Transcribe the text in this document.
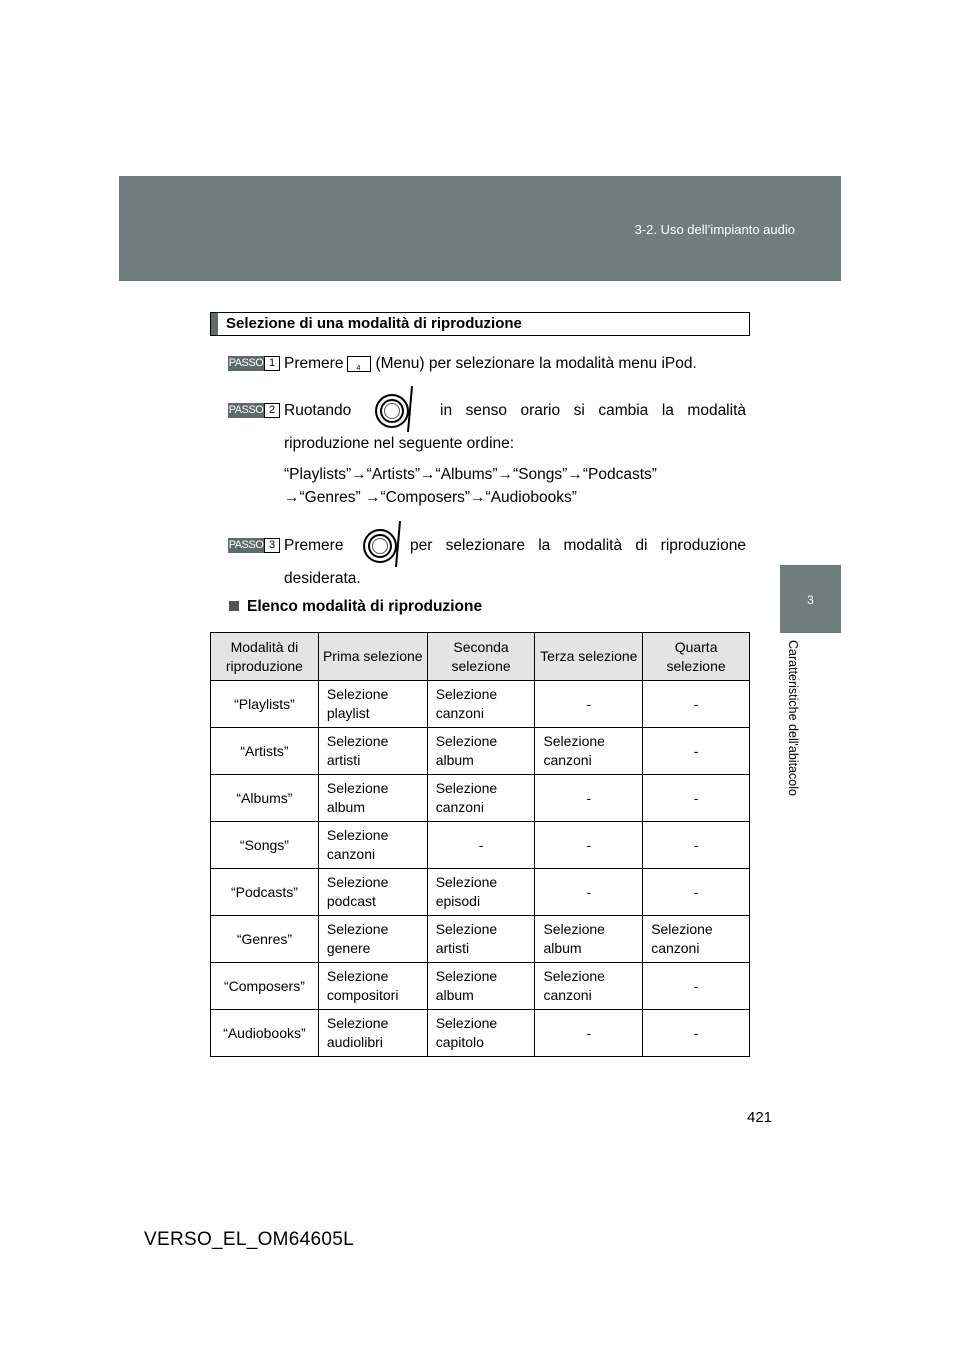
3-2. Uso dell’impianto audio
3
Caratteristiche dell'abitacolo
Selezione di una modalità di riproduzione
PASSO 1 Premere 4 (Menu) per selezionare la modalità menu iPod.
PASSO 2 Ruotando	in senso orario si cambia la modalità
riproduzione nel seguente ordine:
“Playlists”→“Artists”→“Albums”→“Songs”→“Podcasts”
→“Genres” →“Composers”→“Audiobooks”
PASSO 3 Premere	per selezionare la modalità di riproduzione
desiderata.
Elenco modalità di riproduzione
Modalità di riproduzione	Prima selezione	Seconda selezione	Terza selezione	Quarta selezione
“Playlists”	Selezione playlist	Selezione canzoni	-	-
“Artists”	Selezione artisti	Selezione album	Selezione canzoni	-
“Albums”	Selezione album	Selezione canzoni	-	-
“Songs”	Selezione canzoni	-	-	-
“Podcasts”	Selezione podcast	Selezione episodi	-	-
“Genres”	Selezione genere	Selezione artisti	Selezione album	Selezione canzoni
“Composers”	Selezione compositori	Selezione album	Selezione canzoni	-
“Audiobooks”	Selezione audiolibri	Selezione capitolo	-	-
421
VERSO_EL_OM64605L
